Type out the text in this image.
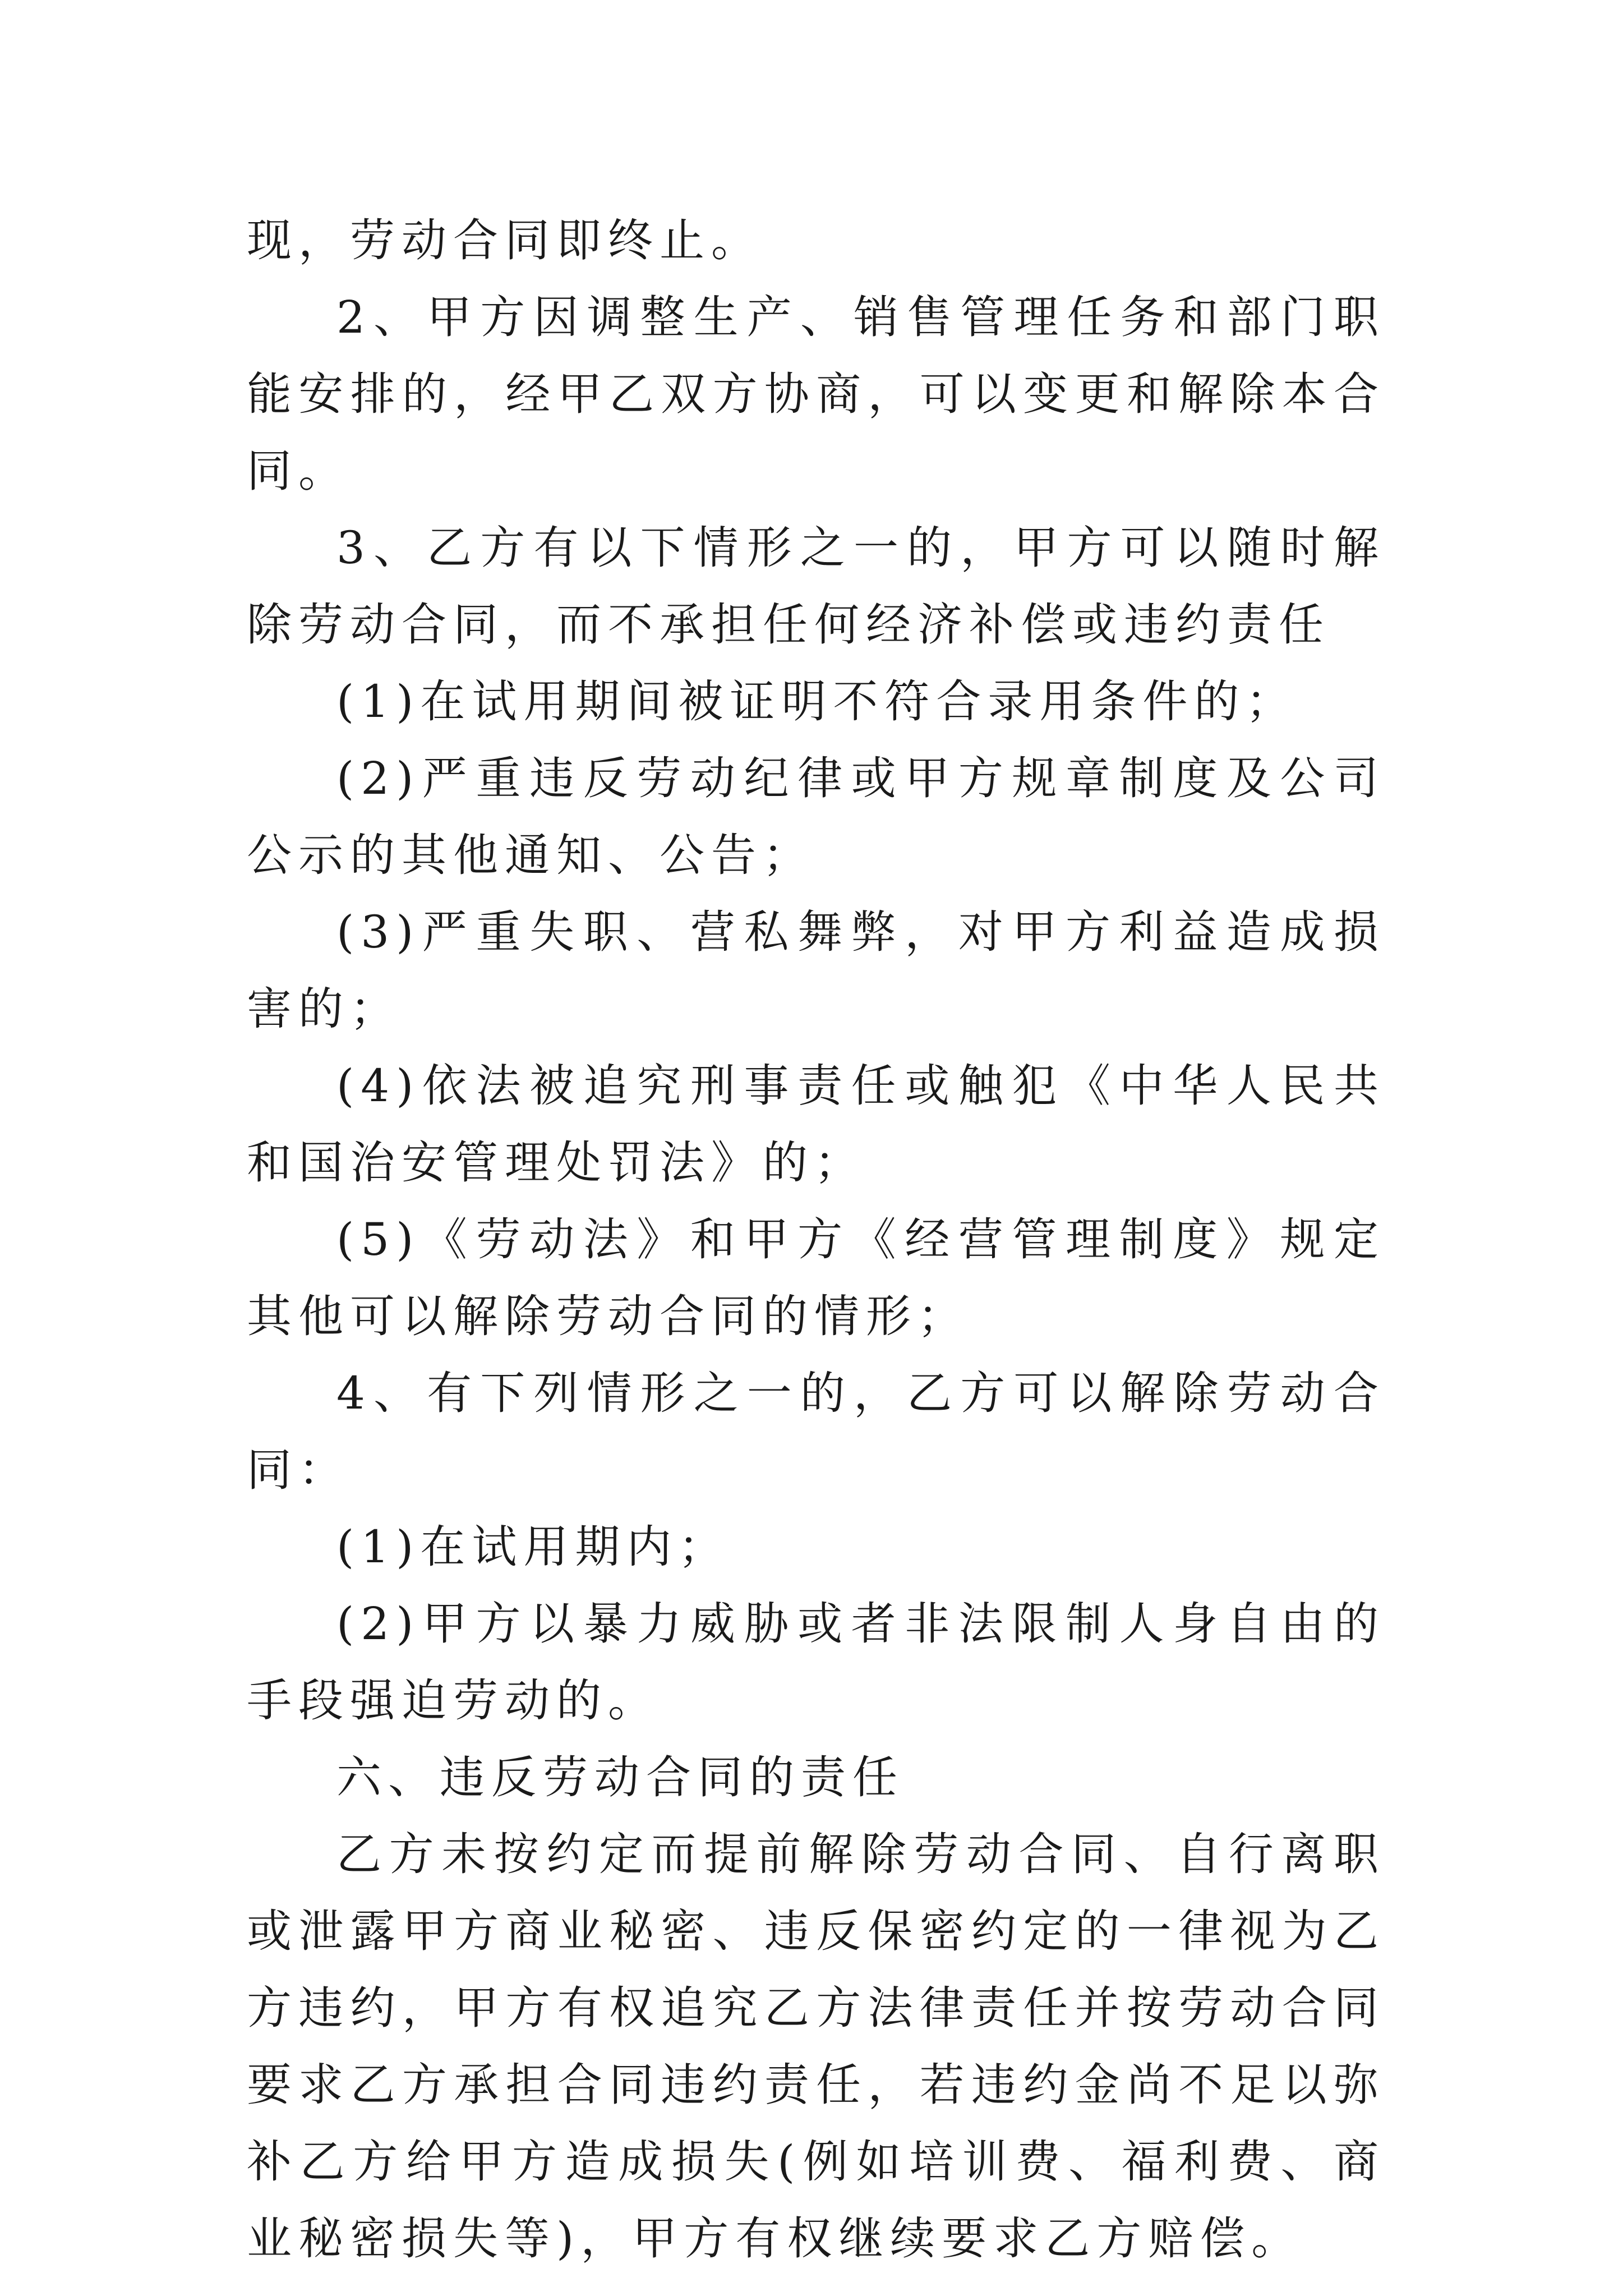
现，劳动合同即终止。

2、甲方因调整生产、销售管理任务和部门职能安排的，经甲乙双方协商，可以变更和解除本合同。

3、乙方有以下情形之一的，甲方可以随时解除劳动合同，而不承担任何经济补偿或违约责任

(1)在试用期间被证明不符合录用条件的；

(2)严重违反劳动纪律或甲方规章制度及公司公示的其他通知、公告；

(3)严重失职、营私舞弊，对甲方利益造成损害的；

(4)依法被追究刑事责任或触犯《中华人民共和国治安管理处罚法》的；

(5)《劳动法》和甲方《经营管理制度》规定其他可以解除劳动合同的情形；

4、有下列情形之一的，乙方可以解除劳动合同：

(1)在试用期内；

(2)甲方以暴力威胁或者非法限制人身自由的手段强迫劳动的。

六、违反劳动合同的责任

乙方未按约定而提前解除劳动合同、自行离职或泄露甲方商业秘密、违反保密约定的一律视为乙方违约，甲方有权追究乙方法律责任并按劳动合同要求乙方承担合同违约责任，若违约金尚不足以弥补乙方给甲方造成损失(例如培训费、福利费、商业秘密损失等)，甲方有权继续要求乙方赔偿。
